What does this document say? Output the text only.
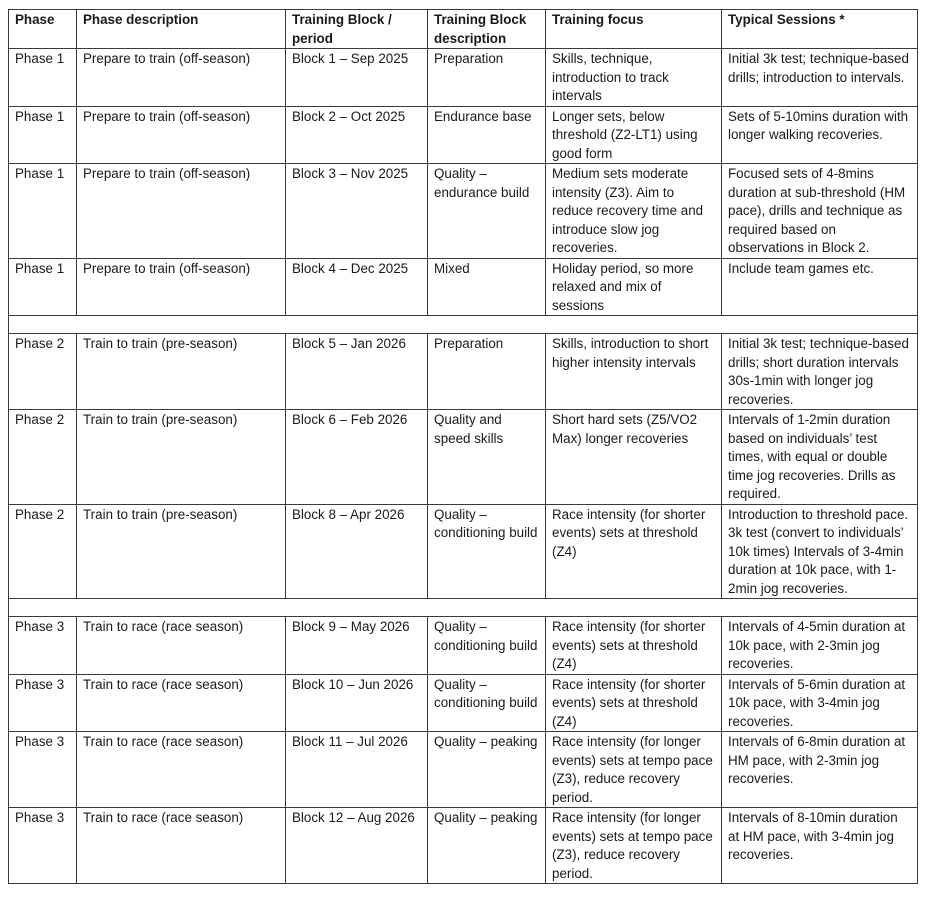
Phase	Phase description	Training Block / period	Training Block description	Training focus	Typical Sessions *
Phase 1	Prepare to train (off-season)	Block 1 – Sep 2025	Preparation	Skills, technique, introduction to track intervals	Initial 3k test; technique-based drills; introduction to intervals.
Phase 1	Prepare to train (off-season)	Block 2 – Oct 2025	Endurance base	Longer sets, below threshold (Z2-LT1) using good form	Sets of 5-10mins duration with longer walking recoveries.
Phase 1	Prepare to train (off-season)	Block 3 – Nov 2025	Quality – endurance build	Medium sets moderate intensity (Z3). Aim to reduce recovery time and introduce slow jog recoveries.	Focused sets of 4-8mins duration at sub-threshold (HM pace), drills and technique as required based on observations in Block 2.
Phase 1	Prepare to train (off-season)	Block 4 – Dec 2025	Mixed	Holiday period, so more relaxed and mix of sessions	Include team games etc.

Phase 2	Train to train (pre-season)	Block 5 – Jan 2026	Preparation	Skills, introduction to short higher intensity intervals	Initial 3k test; technique-based drills; short duration intervals 30s-1min with longer jog recoveries.
Phase 2	Train to train (pre-season)	Block 6 – Feb 2026	Quality and speed skills	Short hard sets (Z5/VO2 Max) longer recoveries	Intervals of 1-2min duration based on individuals’ test times, with equal or double time jog recoveries. Drills as required.
Phase 2	Train to train (pre-season)	Block 8 – Apr 2026	Quality – conditioning build	Race intensity (for shorter events) sets at threshold (Z4)	Introduction to threshold pace. 3k test (convert to individuals’ 10k times) Intervals of 3-4min duration at 10k pace, with 1-2min jog recoveries.

Phase 3	Train to race (race season)	Block 9 – May 2026	Quality – conditioning build	Race intensity (for shorter events) sets at threshold (Z4)	Intervals of 4-5min duration at 10k pace, with 2-3min jog recoveries.
Phase 3	Train to race (race season)	Block 10 – Jun 2026	Quality – conditioning build	Race intensity (for shorter events) sets at threshold (Z4)	Intervals of 5-6min duration at 10k pace, with 3-4min jog recoveries.
Phase 3	Train to race (race season)	Block 11 – Jul 2026	Quality – peaking	Race intensity (for longer events) sets at tempo pace (Z3), reduce recovery period.	Intervals of 6-8min duration at HM pace, with 2-3min jog recoveries.
Phase 3	Train to race (race season)	Block 12 – Aug 2026	Quality – peaking	Race intensity (for longer events) sets at tempo pace (Z3), reduce recovery period.	Intervals of 8-10min duration at HM pace, with 3-4min jog recoveries.
